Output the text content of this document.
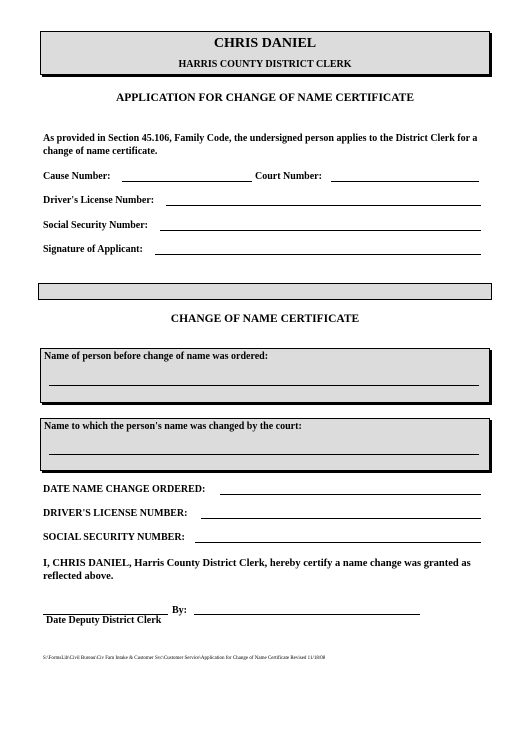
CHRIS DANIEL
HARRIS COUNTY DISTRICT CLERK
APPLICATION FOR CHANGE OF NAME CERTIFICATE
As provided in Section 45.106, Family Code, the undersigned person applies to the District Clerk for a change of name certificate.
Cause Number:	Court Number:
Driver's License Number:
Social Security Number:
Signature of Applicant:
CHANGE OF NAME CERTIFICATE
Name of person before change of name was ordered:
Name to which the person's name was changed by the court:
DATE NAME CHANGE ORDERED:
DRIVER'S LICENSE NUMBER:
SOCIAL SECURITY NUMBER:
I, CHRIS DANIEL, Harris County District Clerk, hereby certify a name change was granted as reflected above.
By:
Date Deputy District Clerk
S:\FormsLib\Civil Bureau\Civ Fam Intake & Customer Svc\Customer Service\Application for Change of Name Certificate Revised 11/18/08
